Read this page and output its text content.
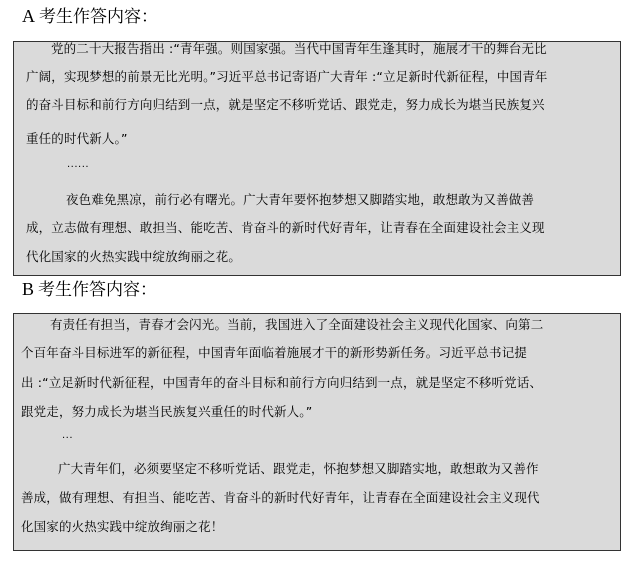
A 考生作答内容：

党的二十大报告指出 :“青年强。则国家强。当代中国青年生逢其时，施展才干的舞台无比

广阔，实现梦想的前景无比光明。”习近平总书记寄语广大青年 :“立足新时代新征程，中国青年

的奋斗目标和前行方向归结到一点，就是坚定不移听党话、跟党走，努力成长为堪当民族复兴

重任的时代新人。”

......

夜色难免黑凉，前行必有曙光。广大青年要怀抱梦想又脚踏实地，敢想敢为又善做善

成，立志做有理想、敢担当、能吃苦、肯奋斗的新时代好青年，让青春在全面建设社会主义现

代化国家的火热实践中绽放绚丽之花。

B 考生作答内容：

有责任有担当，青春才会闪光。当前，我国进入了全面建设社会主义现代化国家、向第二

个百年奋斗目标进军的新征程，中国青年面临着施展才干的新形势新任务。习近平总书记提

出 :“立足新时代新征程，中国青年的奋斗目标和前行方向归结到一点，就是坚定不移听党话、

跟党走，努力成长为堪当民族复兴重任的时代新人。”

...

广大青年们，必须要坚定不移听党话、跟党走，怀抱梦想又脚踏实地，敢想敢为又善作

善成，做有理想、有担当、能吃苦、肯奋斗的新时代好青年，让青春在全面建设社会主义现代

化国家的火热实践中绽放绚丽之花！
